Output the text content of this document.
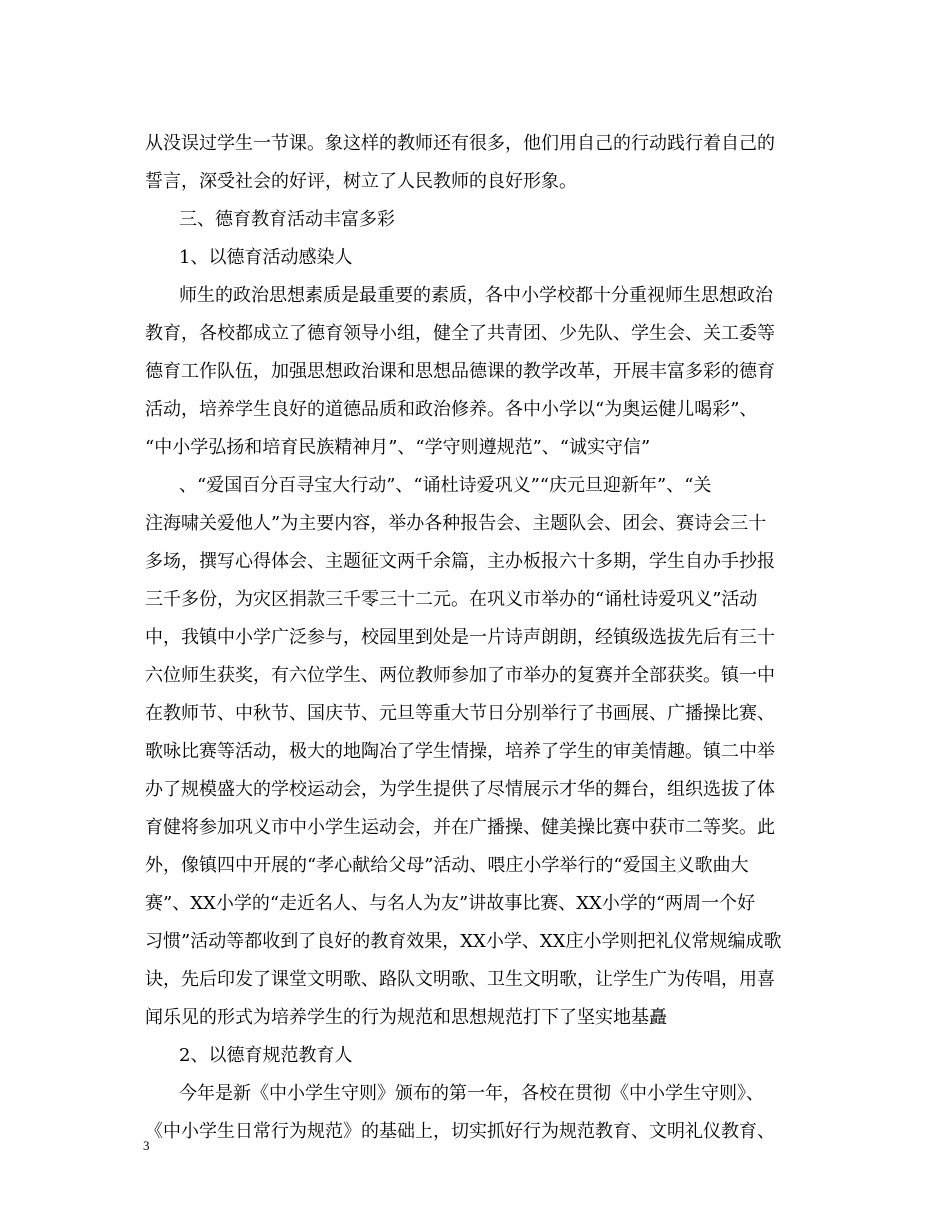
从没误过学生一节课。象这样的教师还有很多，他们用自己的行动践行着自己的
誓言，深受社会的好评，树立了人民教师的良好形象。
三、德育教育活动丰富多彩
1、以德育活动感染人
师生的政治思想素质是最重要的素质，各中小学校都十分重视师生思想政治
教育，各校都成立了德育领导小组，健全了共青团、少先队、学生会、关工委等
德育工作队伍，加强思想政治课和思想品德课的教学改革，开展丰富多彩的德育
活动，培养学生良好的道德品质和政治修养。各中小学以“为奥运健儿喝彩”、
“中小学弘扬和培育民族精神月”、“学守则遵规范”、“诚实守信”
、“爱国百分百寻宝大行动”、“诵杜诗爱巩义”“庆元旦迎新年”、“关
注海啸关爱他人”为主要内容，举办各种报告会、主题队会、团会、赛诗会三十
多场，撰写心得体会、主题征文两千余篇，主办板报六十多期，学生自办手抄报
三千多份，为灾区捐款三千零三十二元。在巩义市举办的“诵杜诗爱巩义”活动
中，我镇中小学广泛参与，校园里到处是一片诗声朗朗，经镇级选拔先后有三十
六位师生获奖，有六位学生、两位教师参加了市举办的复赛并全部获奖。镇一中
在教师节、中秋节、国庆节、元旦等重大节日分别举行了书画展、广播操比赛、
歌咏比赛等活动，极大的地陶冶了学生情操，培养了学生的审美情趣。镇二中举
办了规模盛大的学校运动会，为学生提供了尽情展示才华的舞台，组织选拔了体
育健将参加巩义市中小学生运动会，并在广播操、健美操比赛中获市二等奖。此
外，像镇四中开展的“孝心献给父母”活动、喂庄小学举行的“爱国主义歌曲大
赛”、XX小学的“走近名人、与名人为友”讲故事比赛、XX小学的“两周一个好
习惯”活动等都收到了良好的教育效果，XX小学、XX庄小学则把礼仪常规编成歌
诀，先后印发了课堂文明歌、路队文明歌、卫生文明歌，让学生广为传唱，用喜
闻乐见的形式为培养学生的行为规范和思想规范打下了坚实地基矗
2、以德育规范教育人
今年是新《中小学生守则》颁布的第一年，各校在贯彻《中小学生守则》、
《中小学生日常行为规范》的基础上，切实抓好行为规范教育、文明礼仪教育、
3
